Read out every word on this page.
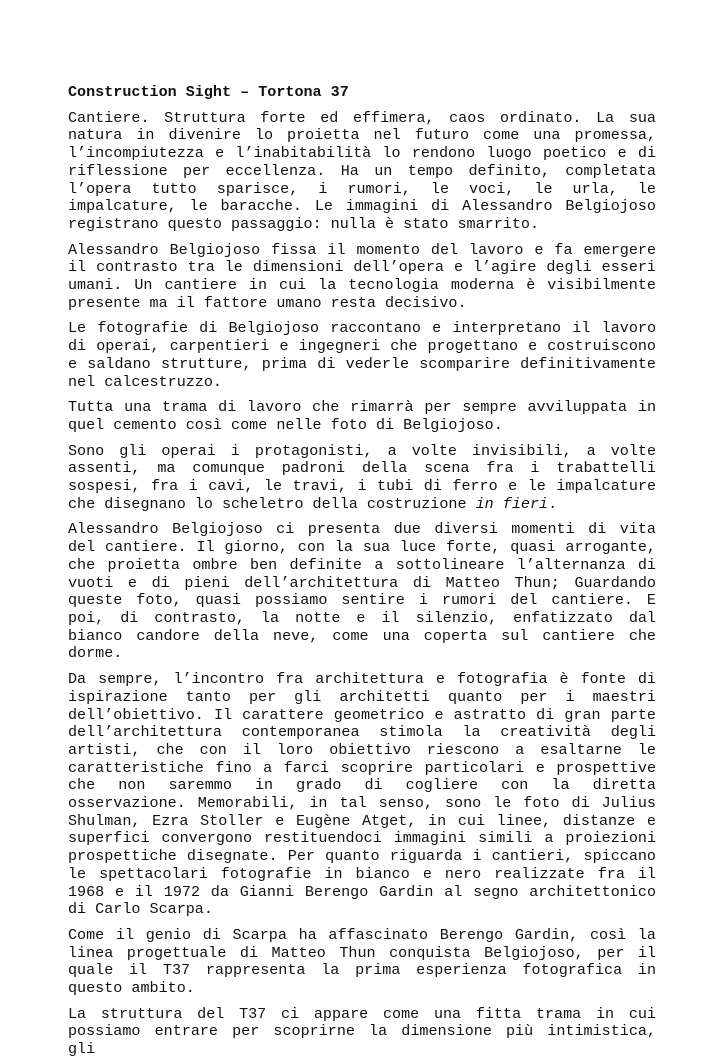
Construction Sight – Tortona 37

Cantiere. Struttura forte ed effimera, caos ordinato. La sua natura in divenire lo proietta nel futuro come una promessa, l’incompiutezza e l’inabitabilità lo rendono luogo poetico e di riflessione per eccellenza. Ha un tempo definito, completata l’opera tutto sparisce, i rumori, le voci, le urla, le impalcature, le baracche. Le immagini di Alessandro Belgiojoso registrano questo passaggio: nulla è stato smarrito.

Alessandro Belgiojoso fissa il momento del lavoro e fa emergere il contrasto tra le dimensioni dell’opera e l’agire degli esseri umani. Un cantiere in cui la tecnologia moderna è visibilmente presente ma il fattore umano resta decisivo.

Le fotografie di Belgiojoso raccontano e interpretano il lavoro di operai, carpentieri e ingegneri che progettano e costruiscono e saldano strutture, prima di vederle scomparire definitivamente nel calcestruzzo.

Tutta una trama di lavoro che rimarrà per sempre avviluppata in quel cemento così come nelle foto di Belgiojoso.

Sono gli operai i protagonisti, a volte invisibili, a volte assenti, ma comunque padroni della scena fra i trabattelli sospesi, fra i cavi, le travi, i tubi di ferro e le impalcature che disegnano lo scheletro della costruzione in fieri.

Alessandro Belgiojoso ci presenta due diversi momenti di vita del cantiere. Il giorno, con la sua luce forte, quasi arrogante, che proietta ombre ben definite a sottolineare l’alternanza di vuoti e di pieni dell’architettura di Matteo Thun; Guardando queste foto, quasi possiamo sentire i rumori del cantiere. E poi, di contrasto, la notte e il silenzio, enfatizzato dal bianco candore della neve, come una coperta sul cantiere che dorme.

Da sempre, l’incontro fra architettura e fotografia è fonte di ispirazione tanto per gli architetti quanto per i maestri dell’obiettivo. Il carattere geometrico e astratto di gran parte dell’architettura contemporanea stimola la creatività degli artisti, che con il loro obiettivo riescono a esaltarne le caratteristiche fino a farci scoprire particolari e prospettive che non saremmo in grado di cogliere con la diretta osservazione. Memorabili, in tal senso, sono le foto di Julius Shulman, Ezra Stoller e Eugène Atget, in cui linee, distanze e superfici convergono restituendoci immagini simili a proiezioni prospettiche disegnate. Per quanto riguarda i cantieri, spiccano le spettacolari fotografie in bianco e nero realizzate fra il 1968 e il 1972 da Gianni Berengo Gardin al segno architettonico di Carlo Scarpa.

Come il genio di Scarpa ha affascinato Berengo Gardin, così la linea progettuale di Matteo Thun conquista Belgiojoso, per il quale il T37 rappresenta la prima esperienza fotografica in questo ambito.

La struttura del T37 ci appare come una fitta trama in cui possiamo entrare per scoprirne la dimensione più intimistica, gli
